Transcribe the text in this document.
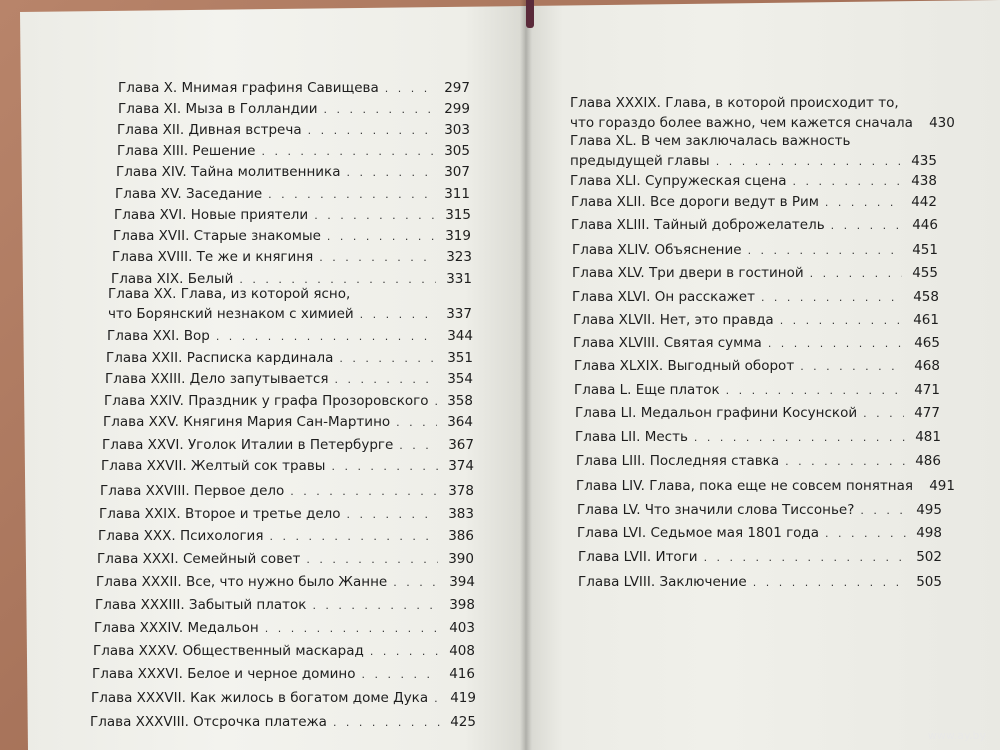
Глава X. Мнимая графиня Савищева . . .	297
Глава XI. Мыза в Голландии . . .	299
Глава XII. Дивная встреча . . .	303
Глава XIII. Решение . . .	305
Глава XIV. Тайна молитвенника . . .	307
Глава XV. Заседание . . .	311
Глава XVI. Новые приятели . . .	315
Глава XVII. Старые знакомые . . .	319
Глава XVIII. Те же и княгиня . . .	323
Глава XIX. Белый . . .	331
Глава XX. Глава, из которой ясно,
что Борянский незнаком с химией . . .	337
Глава XXI. Вор . . .	344
Глава XXII. Расписка кардинала . . .	351
Глава XXIII. Дело запутывается . . .	354
Глава XXIV. Праздник у графа Прозоровского . . .	358
Глава XXV. Княгиня Мария Сан-Мартино . . .	364
Глава XXVI. Уголок Италии в Петербурге . . .	367
Глава XXVII. Желтый сок травы . . .	374
Глава XXVIII. Первое дело . . .	378
Глава XXIX. Второе и третье дело . . .	383
Глава XXX. Психология . . .	386
Глава XXXI. Семейный совет . . .	390
Глава XXXII. Все, что нужно было Жанне . . .	394
Глава XXXIII. Забытый платок . . .	398
Глава XXXIV. Медальон . . .	403
Глава XXXV. Общественный маскарад . . .	408
Глава XXXVI. Белое и черное домино . . .	416
Глава XXXVII. Как жилось в богатом доме Дука . . .	419
Глава XXXVIII. Отсрочка платежа . . .	425
Глава XXXIX. Глава, в которой происходит то,
что гораздо более важно, чем кажется сначала	430
Глава XL. В чем заключалась важность
предыдущей главы . . .	435
Глава XLI. Супружеская сцена . . .	438
Глава XLII. Все дороги ведут в Рим . . .	442
Глава XLIII. Тайный доброжелатель . . .	446
Глава XLIV. Объяснение . . .	451
Глава XLV. Три двери в гостиной . . .	455
Глава XLVI. Он расскажет . . .	458
Глава XLVII. Нет, это правда . . .	461
Глава XLVIII. Святая сумма . . .	465
Глава XLXIX. Выгодный оборот . . .	468
Глава L. Еще платок . . .	471
Глава LI. Медальон графини Косунской . . .	477
Глава LII. Месть . . .	481
Глава LIII. Последняя ставка . . .	486
Глава LIV. Глава, пока еще не совсем понятная	491
Глава LV. Что значили слова Тиссонье? . . .	495
Глава LVI. Седьмое мая 1801 года . . .	498
Глава LVII. Итоги . . .	502
Глава LVIII. Заключение . . .	505
www.ay.by
